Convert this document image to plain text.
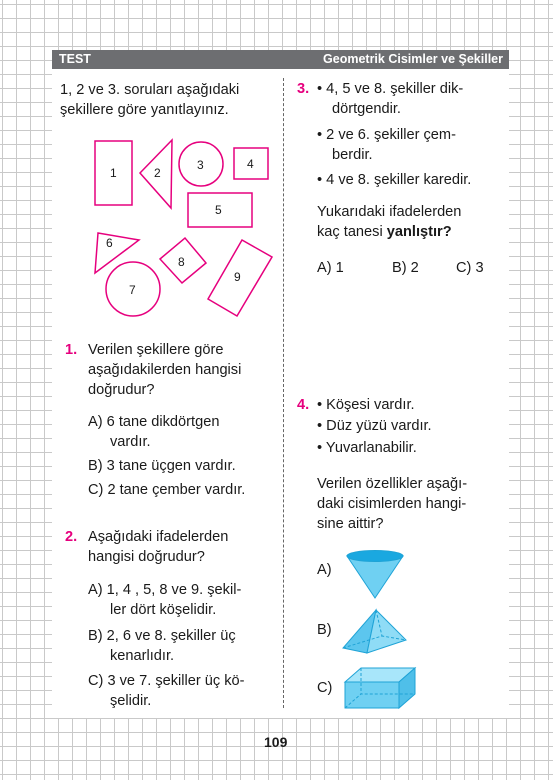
TEST	Geometrik Cisimler ve Şekiller
1, 2 ve 3. soruları aşağıdaki
şekillere göre yanıtlayınız.
1	2
3	4
5
6
7
8
9
1. Verilen şekillere göre
aşağıdakilerden hangisi
doğrudur?
A) 6 tane dikdörtgen
vardır.
B) 3 tane üçgen vardır.
C) 2 tane çember vardır.
2. Aşağıdaki ifadelerden
hangisi doğrudur?
A) 1, 4 , 5, 8 ve 9. şekil-
ler dört köşelidir.
B) 2, 6 ve 8. şekiller üç
kenarlıdır.
C) 3 ve 7. şekiller üç kö-
şelidir.
3. • 4, 5 ve 8. şekiller dik-
dörtgendir.
• 2 ve 6. şekiller çem-
berdir.
• 4 ve 8. şekiller karedir.
Yukarıdaki ifadelerden
kaç tanesi yanlıştır?
A) 1	B) 2	C) 3
4. • Köşesi vardır.
• Düz yüzü vardır.
• Yuvarlanabilir.
Verilen özellikler aşağı-
daki cisimlerden hangi-
sine aittir?
A)
B)
C)
109
